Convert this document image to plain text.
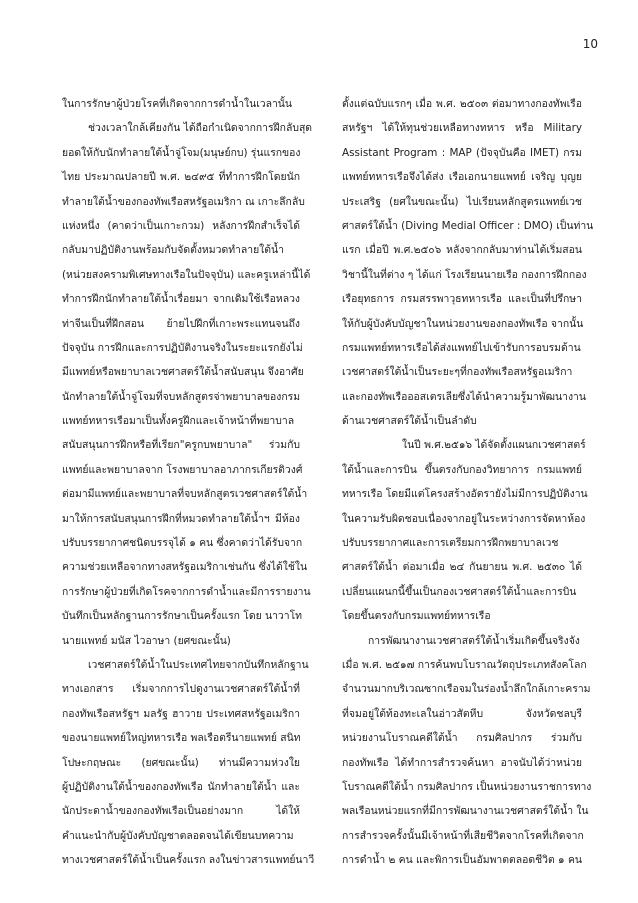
10
ในการรักษาผู้ป่วยโรคที่เกิดจากการดำน้ำในเวลานั้น
ช่วงเวลาใกล้เคียงกัน ได้ถือกำเนิดจากการฝึกลับสุด
ยอดให้กับนักทำลายใต้น้ำจู่โจม(มนุษย์กบ) รุ่นแรกของ
ไทย ประมาณปลายปี พ.ศ. ๒๔๙๕ ที่ทำการฝึกโดยนัก
ทำลายใต้น้ำของกองทัพเรือสหรัฐอเมริกา ณ เกาะลึกลับ
แห่งหนึ่ง (คาดว่าเป็นเกาะกวม) หลังการฝึกสำเร็จได้
กลับมาปฏิบัติงานพร้อมกับจัดตั้งหมวดทำลายใต้น้ำ
(หน่วยสงครามพิเศษทางเรือในปัจจุบัน) และครูเหล่านี้ได้
ทำการฝึกนักทำลายใต้น้ำเรื่อยมา จากเดิมใช้เรือหลวง
ท่าจีนเป็นที่ฝึกสอน ย้ายไปฝึกที่เกาะพระแทนจนถึง
ปัจจุบัน การฝึกและการปฏิบัติงานจริงในระยะแรกยังไม่
มีแพทย์หรือพยาบาลเวชศาสตร์ใต้น้ำสนับสนุน จึงอาศัย
นักทำลายใต้น้ำจู่โจมที่จบหลักสูตรจ่าพยาบาลของกรม
แพทย์ทหารเรือมาเป็นทั้งครูฝึกและเจ้าหน้าที่พยาบาล
สนับสนุนการฝึกหรือที่เรียก"ครูกบพยาบาล" ร่วมกับ
แพทย์และพยาบาลจาก โรงพยาบาลอาภากรเกียรติวงศ์
ต่อมามีแพทย์และพยาบาลที่จบหลักสูตรเวชศาสตร์ใต้น้ำ
มาให้การสนับสนุนการฝึกที่หมวดทำลายใต้น้ำฯ มีห้อง
ปรับบรรยากาศชนิดบรรจุได้ ๑ คน ซึ่งคาดว่าได้รับจาก
ความช่วยเหลือจากทางสหรัฐอเมริกาเช่นกัน ซึ่งได้ใช้ใน
การรักษาผู้ป่วยที่เกิดโรคจากการดำน้ำและมีการรายงาน
บันทึกเป็นหลักฐานการรักษาเป็นครั้งแรก โดย นาวาโท
นายแพทย์ มนัส ไวอาษา (ยศขณะนั้น)
เวชศาสตร์ใต้น้ำในประเทศไทยจากบันทึกหลักฐาน
ทางเอกสาร เริ่มจากการไปดูงานเวชศาสตร์ใต้น้ำที่
กองทัพเรือสหรัฐฯ มลรัฐ ฮาวาย ประเทศสหรัฐอเมริกา
ของนายแพทย์ใหญ่ทหารเรือ พลเรือตรีนายแพทย์ สนิท
โปษะกฤษณะ (ยศขณะนั้น) ท่านมีความห่วงใย
ผู้ปฏิบัติงานใต้น้ำของกองทัพเรือ นักทำลายใต้น้ำ และ
นักประดาน้ำของกองทัพเรือเป็นอย่างมาก ได้ให้
คำแนะนำกับผู้บังคับบัญชาตลอดจนได้เขียนบทความ
ทางเวชศาสตร์ใต้น้ำเป็นครั้งแรก ลงในข่าวสารแพทย์นาวี
ตั้งแต่ฉบับแรกๆ เมื่อ พ.ศ. ๒๕๐๓ ต่อมาทางกองทัพเรือ
สหรัฐฯ ได้ให้ทุนช่วยเหลือทางทหาร หรือ Military
Assistant Program : MAP (ปัจจุบันคือ IMET) กรม
แพทย์ทหารเรือจึงได้ส่ง เรือเอกนายแพทย์ เจริญ บุญย
ประเสริฐ (ยศในขณะนั้น) ไปเรียนหลักสูตรแพทย์เวช
ศาสตร์ใต้น้ำ (Diving Medial Officer : DMO) เป็นท่าน
แรก เมื่อปี พ.ศ.๒๕๐๖ หลังจากกลับมาท่านได้เริ่มสอน
วิชานี้ในที่ต่าง ๆ ได้แก่ โรงเรียนนายเรือ กองการฝึกกอง
เรือยุทธการ กรมสรรพาวุธทหารเรือ และเป็นที่ปรึกษา
ให้กับผู้บังคับบัญชาในหน่วยงานของกองทัพเรือ จากนั้น
กรมแพทย์ทหารเรือได้ส่งแพทย์ไปเข้ารับการอบรมด้าน
เวชศาสตร์ใต้น้ำเป็นระยะๆที่กองทัพเรือสหรัฐอเมริกา
และกองทัพเรือออสเตรเลียซึ่งได้นำความรู้มาพัฒนางาน
ด้านเวชศาสตร์ใต้น้ำเป็นลำดับ
ในปี พ.ศ.๒๕๑๖ ได้จัดตั้งแผนกเวชศาสตร์
ใต้น้ำและการบิน ขึ้นตรงกับกองวิทยาการ กรมแพทย์
ทหารเรือ โดยมีแต่โครงสร้างอัตรายังไม่มีการปฏิบัติงาน
ในความรับผิดชอบเนื่องจากอยู่ในระหว่างการจัดหาห้อง
ปรับบรรยากาศและการเตรียมการฝึกพยาบาลเวช
ศาสตร์ใต้น้ำ ต่อมาเมื่อ ๒๔ กันยายน พ.ศ. ๒๕๓๐ ได้
เปลี่ยนแผนกนี้ขึ้นเป็นกองเวชศาสตร์ใต้น้ำและการบิน
โดยขึ้นตรงกับกรมแพทย์ทหารเรือ
การพัฒนางานเวชศาสตร์ใต้น้ำเริ่มเกิดขึ้นจริงจัง
เมื่อ พ.ศ. ๒๕๑๗ การค้นพบโบราณวัตถุประเภทสังคโลก
จำนวนมากบริเวณซากเรือจมในร่องน้ำลึกใกล้เกาะคราม
ที่จมอยู่ใต้ท้องทะเลในอ่าวสัตหีบ จังหวัดชลบุรี
หน่วยงานโบราณคดีใต้น้ำ กรมศิลปากร ร่วมกับ
กองทัพเรือ ได้ทำการสำรวจค้นหา อาจนับได้ว่าหน่วย
โบราณคดีใต้น้ำ กรมศิลปากร เป็นหน่วยงานราชการทาง
พลเรือนหน่วยแรกที่มีการพัฒนางานเวชศาสตร์ใต้น้ำ ใน
การสำรวจครั้งนั้นมีเจ้าหน้าที่เสียชีวิตจากโรคที่เกิดจาก
การดำน้ำ ๒ คน และพิการเป็นอัมพาตตลอดชีวิต ๑ คน
